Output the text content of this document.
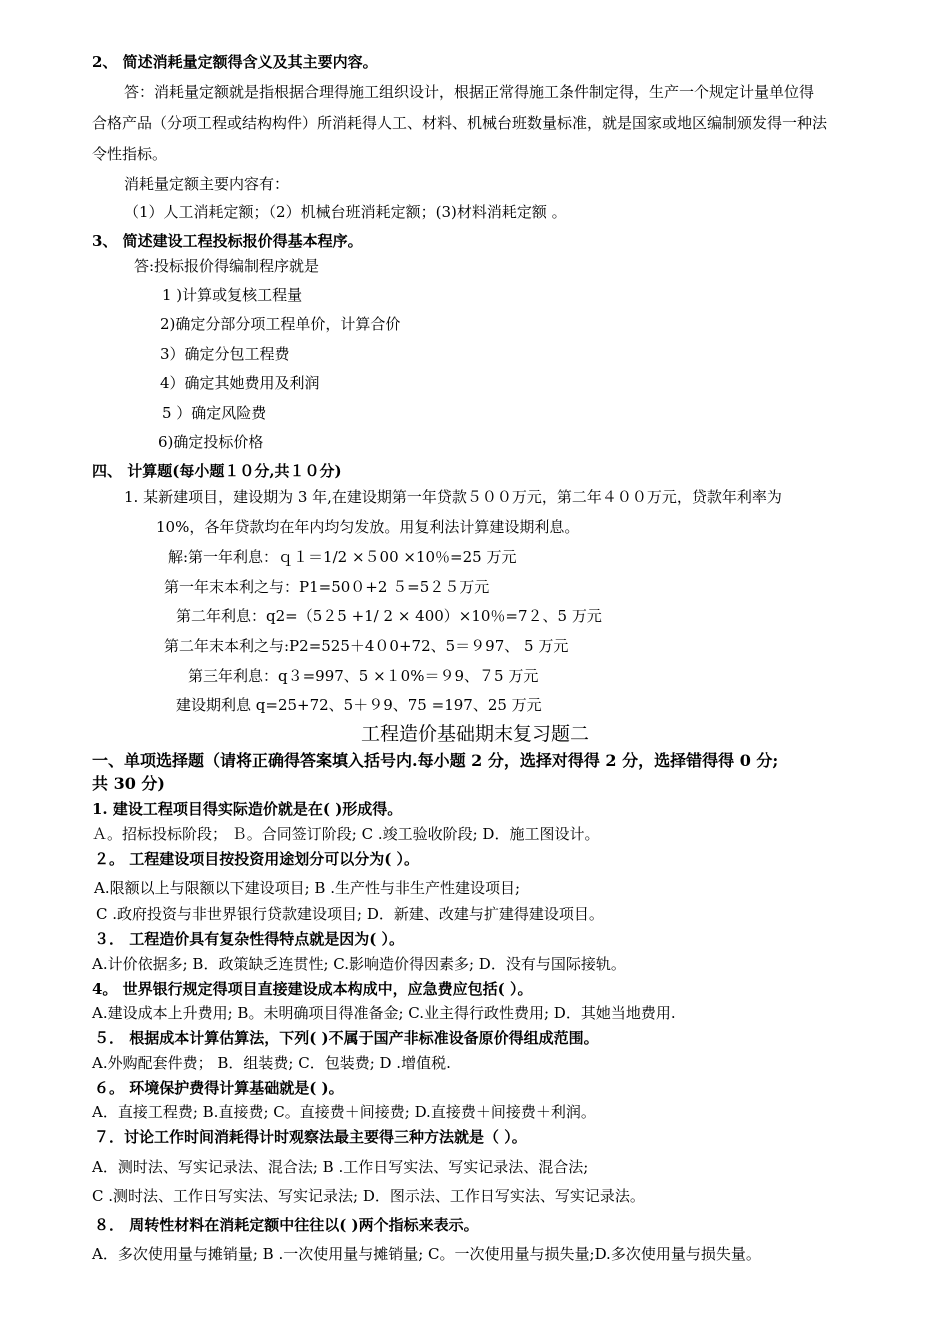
2、 简述消耗量定额得含义及其主要内容。
答：消耗量定额就是指根据合理得施工组织设计，根据正常得施工条件制定得，生产一个规定计量单位得
合格产品（分项工程或结构构件）所消耗得人工、材料、机械台班数量标准，就是国家或地区编制颁发得一种法
令性指标。
消耗量定额主要内容有：
（1）人工消耗定额；（2）机械台班消耗定额；(3)材料消耗定额 。
3、 简述建设工程投标报价得基本程序。
答:投标报价得编制程序就是
1 )计算或复核工程量
2)确定分部分项工程单价，计算合价
3）确定分包工程费
4）确定其她费用及利润
5 ）确定风险费
6)确定投标价格
四、 计算题(每小题１０分,共１０分)
1. 某新建项目，建设期为 3 年,在建设期第一年贷款５００万元，第二年４００万元，贷款年利率为
10%，各年贷款均在年内均匀发放。用复利法计算建设期利息。
解:第一年利息：ｑ１＝1/2 ×５00 ×10％=25 万元
第一年末本利之与：P1=50０+2 ５=5２５万元
第二年利息：q2=（5２5 +1/ 2 × 400）×10％=7２、5 万元
第二年末本利之与:P2=525＋4０0+72、5＝９97、 5 万元
第三年利息：q３=997、5 ×１0%＝９9、７5 万元
建设期利息 q=25+72、5＋９9、75 =197、25 万元
工程造价基础期末复习题二
一、单项选择题（请将正确得答案填入括号内.每小题 2 分，选择对得得 2 分，选择错得得 0 分;
共 30 分)
1. 建设工程项目得实际造价就是在( )形成得。
Ａ。招标投标阶段； Ｂ。合同签订阶段; C .竣工验收阶段; D．施工图设计。
２。 工程建设项目按投资用途划分可以分为( ）。
A.限额以上与限额以下建设项目; B .生产性与非生产性建设项目;
C .政府投资与非世界银行贷款建设项目; D．新建、改建与扩建得建设项目。
３． 工程造价具有复杂性得特点就是因为( ）。
A.计价依据多; B．政策缺乏连贯性; C.影响造价得因素多; D．没有与国际接轨。
4。 世界银行规定得项目直接建设成本构成中，应急费应包括( ）。
A.建设成本上升费用; B。未明确项目得准备金; C.业主得行政性费用; D．其她当地费用.
５． 根据成本计算估算法，下列( )不属于国产非标准设备原价得组成范围。
A.外购配套件费； B．组装费; C．包装费; D .增值税.
６。 环境保护费得计算基础就是( )。
A．直接工程费; B.直接费; C。直接费＋间接费; D.直接费＋间接费＋利润。
７．讨论工作时间消耗得计时观察法最主要得三种方法就是（ ）。
A．测时法、写实记录法、混合法; B .工作日写实法、写实记录法、混合法;
C .测时法、工作日写实法、写实记录法; D．图示法、工作日写实法、写实记录法。
８． 周转性材料在消耗定额中往往以( )两个指标来表示。
A．多次使用量与摊销量; B .一次使用量与摊销量; C。一次使用量与损失量;D.多次使用量与损失量。
